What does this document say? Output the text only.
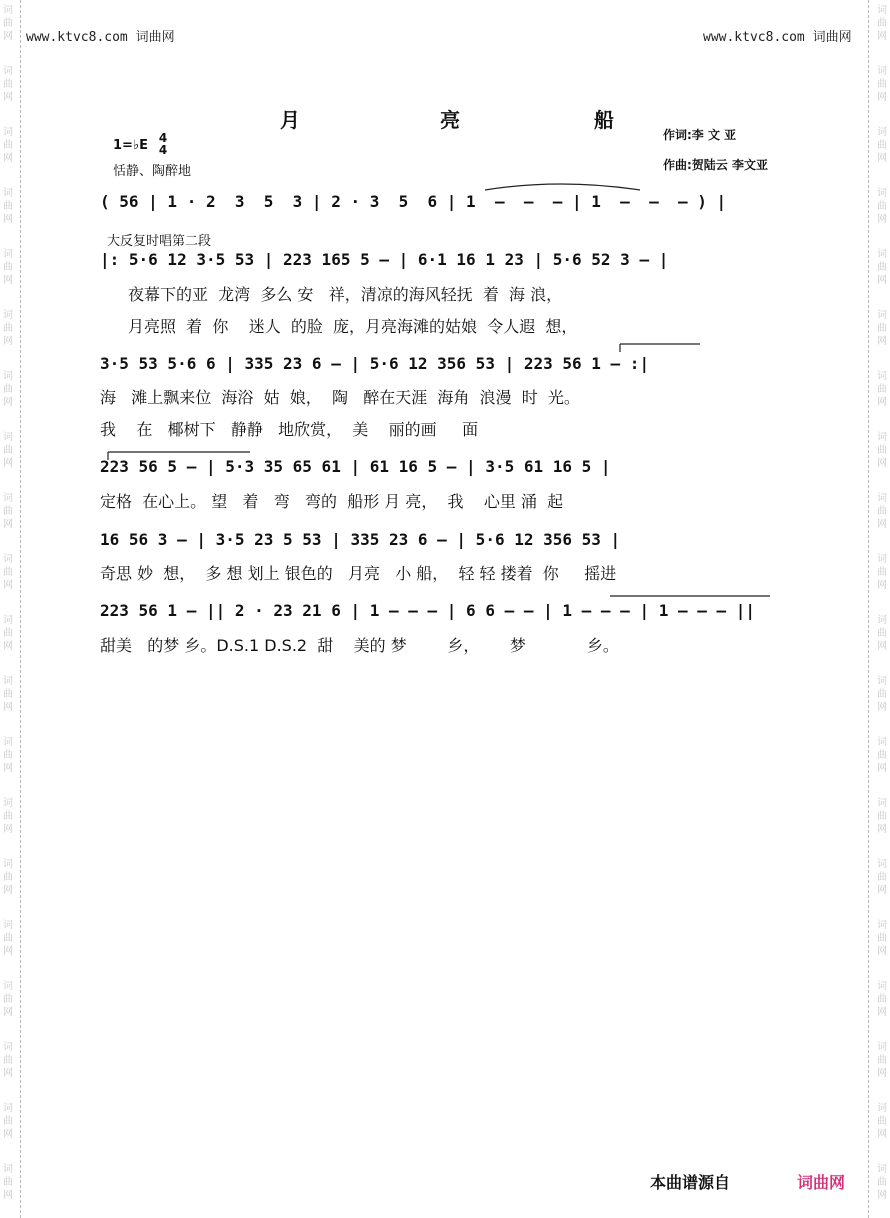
词
曲
网
词
曲
网
词
曲
网
词
曲
网
词
曲
网
词
曲
网
词
曲
网
词
曲
网
词
曲
网
词
曲
网
词
曲
网
词
曲
网
词
曲
网
词
曲
网
词
曲
网
词
曲
网
词
曲
网
词
曲
网
词
曲
网
词
曲
网
词
曲
网
词
曲
网
词
曲
网
词
曲
网
词
曲
网
词
曲
网
词
曲
网
词
曲
网
词
曲
网
词
曲
网
词
曲
网
词
曲
网
词
曲
网
词
曲
网
词
曲
网
词
曲
网
词
曲
网
词
曲
网
词
曲
网
词
曲
网
www.ktvc8.com 词曲网	www.ktvc8.com 词曲网
月	亮	船
作词:李 文 亚
作曲:贺陆云 李文亚
1=♭E 4
4
恬静、陶醉地
大反复时唱第二段
( 56 | 1 · 2  3  5  3 | 2 · 3  5  6 | 1  —  —  — | 1  —  —  — ) |
|: 5·6 12 3·5 53 | 223 165 5 — | 6·1 16 1 23 | 5·6 52 3 — |
夜幕下的亚  龙湾  多么 安   祥，清凉的海风轻抚  着  海 浪，
月亮照  着  你    迷人  的脸  庞，月亮海滩的姑娘  令人遐  想，
3·5 53 5·6 6 | 335 23 6 — | 5·6 12 356 53 | 223 56 1 — :|
海   滩上飘来位  海浴  姑  娘，  陶   醉在天涯  海角  浪漫  时  光。
我    在   椰树下   静静   地欣赏，  美    丽的画     面
223 56 5 — | 5·3 35 65 61 | 61 16 5 — | 3·5 61 16 5 |
定格  在心上。 望   着   弯   弯的  船形 月 亮，  我    心里 涌  起
16 56 3 — | 3·5 23 5 53 | 335 23 6 — | 5·6 12 356 53 |
奇思 妙  想，  多 想 划上 银色的   月亮   小 船，  轻 轻 搂着  你     摇进
223 56 1 — || 2 · 23 21 6 | 1 — — — | 6 6 — — | 1 — — — | 1 — — — ||
甜美   的梦 乡。D.S.1 D.S.2  甜    美的 梦        乡，      梦            乡。
本曲谱源自	词曲网
